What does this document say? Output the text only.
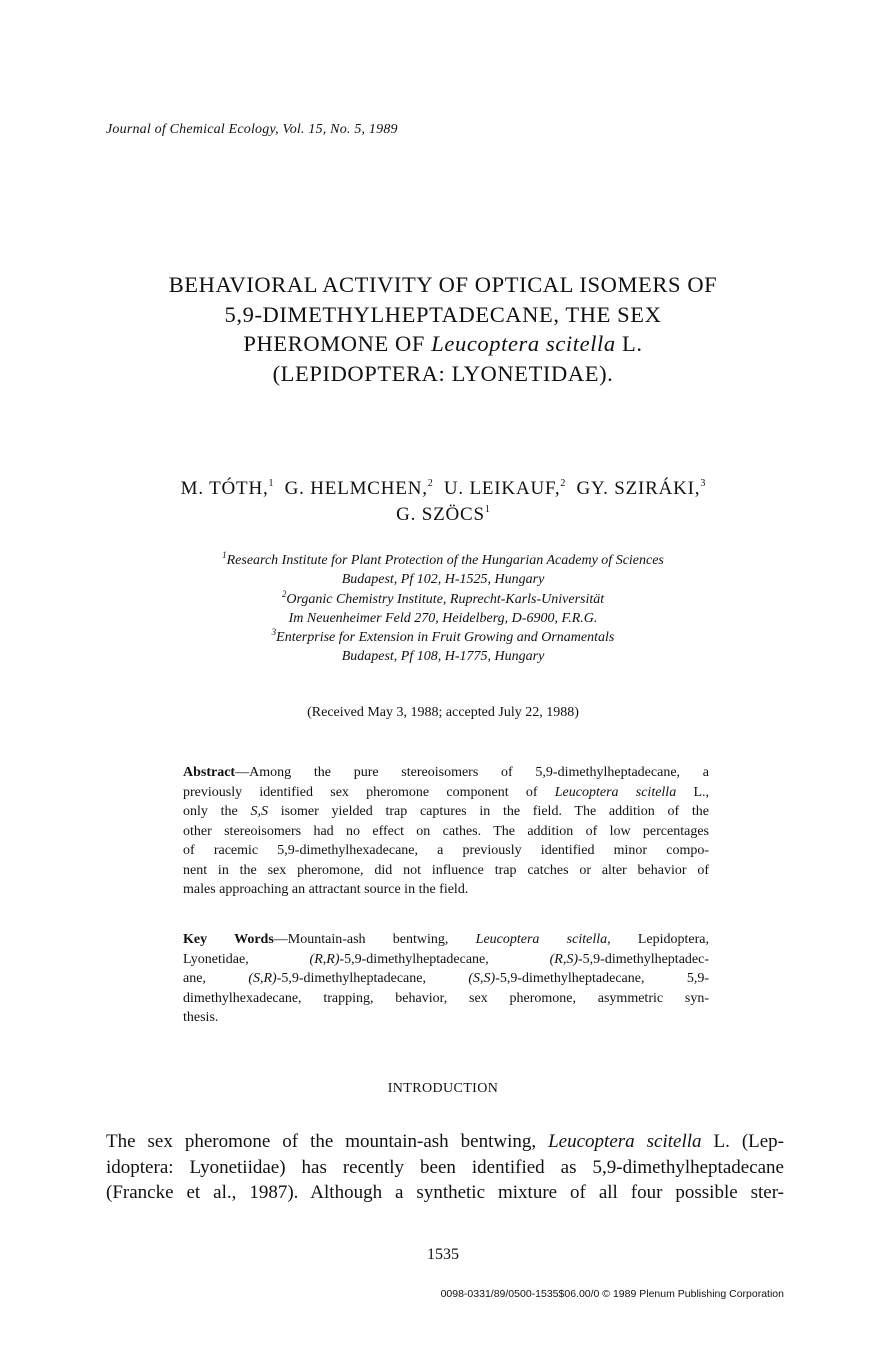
Journal of Chemical Ecology, Vol. 15, No. 5, 1989
BEHAVIORAL ACTIVITY OF OPTICAL ISOMERS OF
5,9-DIMETHYLHEPTADECANE, THE SEX
PHEROMONE OF Leucoptera scitella L.
(LEPIDOPTERA: LYONETIDAE).
M. TÓTH,$^1$ G. HELMCHEN,$^2$ U. LEIKAUF,$^2$ GY. SZIRÁKI,$^3$
G. SZÖCS$^1$
$^1$Research Institute for Plant Protection of the Hungarian Academy of Sciences
Budapest, Pf 102, H-1525, Hungary
$^2$Organic Chemistry Institute, Ruprecht-Karls-Universität
Im Neuenheimer Feld 270, Heidelberg, D-6900, F.R.G.
$^3$Enterprise for Extension in Fruit Growing and Ornamentals
Budapest, Pf 108, H-1775, Hungary
(Received May 3, 1988; accepted July 22, 1988)
Abstract—Among the pure stereoisomers of 5,9-dimethylheptadecane, a
previously identified sex pheromone component of Leucoptera scitella L.,
only the S,S isomer yielded trap captures in the field. The addition of the
other stereoisomers had no effect on cathes. The addition of low percentages
of racemic 5,9-dimethylhexadecane, a previously identified minor compo-
nent in the sex pheromone, did not influence trap catches or alter behavior of
males approaching an attractant source in the field.
Key Words—Mountain-ash bentwing, Leucoptera scitella, Lepidoptera,
Lyonetidae,	(R,R)-5,9-dimethylheptadecane,	(R,S)-5,9-dimethylheptadec-
ane,	(S,R)-5,9-dimethylheptadecane,	(S,S)-5,9-dimethylheptadecane, 5,9-
dimethylhexadecane, trapping, behavior, sex pheromone, asymmetric syn-
thesis.
INTRODUCTION
The sex pheromone of the mountain-ash bentwing, Leucoptera scitella L. (Lep-
idoptera: Lyonetiidae) has recently been identified as 5,9-dimethylheptadecane
(Francke et al., 1987). Although a synthetic mixture of all four possible ster-
1535
0098-0331/89/0500-1535$06.00/0 © 1989 Plenum Publishing Corporation
